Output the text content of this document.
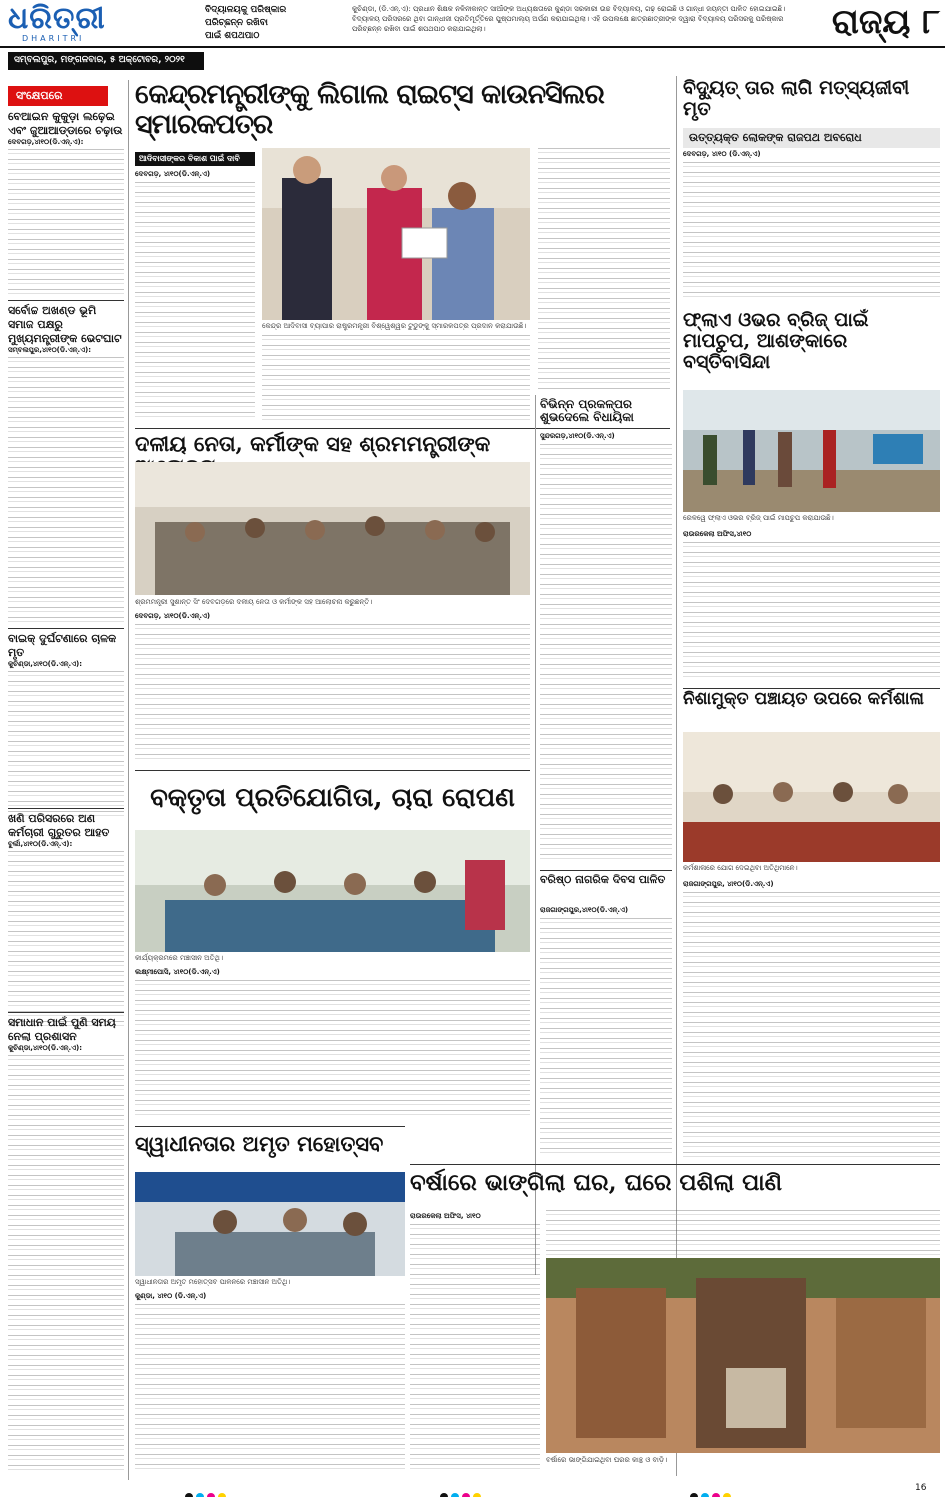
ଧରିତ୍ରୀ
DHARITRI
ବିଦ୍ୟାଳୟକୁ ପରିଷ୍କାର
ପରିଚ୍ଛନ୍ନ ରଖିବା
ପାଇଁ ଶପଥପାଠ
କୁଚିଣ୍ଡା, (ଡି.ଏନ୍.ଏ): ପ୍ରଧାନ ଶିକ୍ଷକ ନଳିନୀକାନ୍ତ ସାଆଁଙ୍କ ଅଧ୍ୟକ୍ଷତାରେ କୁଣ୍ଡା ସରକାରୀ ଉଚ୍ଚ ବିଦ୍ୟାଳୟ, ଗଢ଼ ରୋଇଛି ଓ ଗାନ୍ଧୀ ଜୟନ୍ତୀ ପାଳିତ ହୋଇଯାଇଛି। ବିଦ୍ୟାଳୟ ପରିସରରେ ଥିବା ଗାନ୍ଧୀଜୀ ପ୍ରତିମୂର୍ତ୍ତିରେ ପୁଷ୍ପମାଲ୍ୟ ଅର୍ପଣ କରାଯାଇଥିଲା। ଏହି ଉପଲକ୍ଷେ ଛାତ୍ରଛାତ୍ରୀଙ୍କ ଦ୍ୱାରା ବିଦ୍ୟାଳୟ ପରିସରକୁ ପରିଷ୍କାର ପରିଚ୍ଛନ୍ନ ରଖିବା ପାଇଁ ଶପଥପାଠ କରାଯାଇଥିଲା।	ରାଜ୍ୟ ୮
ସମ୍ବଲପୁର, ମଙ୍ଗଳବାର, ୫ ଅକ୍ଟୋବର, ୨୦୨୧
ସଂକ୍ଷେପରେ
ବେଆଇନ କୁକୁଡ଼ା ଲଢ଼େଇ ଏବଂ ଜୁଆଆଡ୍ଡାରେ ଚଢ଼ାଉ
ଦେବଗଡ଼,୪ା୧୦(ଡି.ଏନ୍.ଏ):
ସର୍ବୋଚ୍ଚ ଅଖଣ୍ଡ ଭୂମି ସମାଜ ପକ୍ଷରୁ ମୁଖ୍ୟମନ୍ତ୍ରୀଙ୍କ ଭେଟଘାଟ
ସମ୍ବଲପୁର,୪ା୧୦(ଡି.ଏନ୍.ଏ):
ବାଇକ୍ ଦୁର୍ଘଟଣାରେ ଚାଳକ ମୃତ
କୁଚିଣ୍ଡା,୪ା୧୦(ଡି.ଏନ୍.ଏ):
ଖଣି ପରିସରରେ ଅଣ କର୍ମଚାରୀ ଗୁରୁତର ଆହତ
ବୁର୍ଲା,୪ା୧୦(ଡି.ଏନ୍.ଏ):
ସମାଧାନ ପାଇଁ ପୁଣି ସମୟ ନେଲା ପ୍ରଶାସନ
କୁଚିଣ୍ଡା,୪ା୧୦(ଡି.ଏନ୍.ଏ):
କେନ୍ଦ୍ରମନ୍ତ୍ରୀଙ୍କୁ ଲିଗାଲ ରାଇଟ୍ସ କାଉନସିଲର ସ୍ମାରକପତ୍ର
ଆଦିବାସୀଙ୍କର ବିକାଶ ପାଇଁ ଦାବି
ଦେବଗଡ଼, ୪ା୧୦(ଡି.ଏନ୍.ଏ)
କେନ୍ଦ୍ର ଆଦିବାସୀ ବ୍ୟାପାର ରାଷ୍ଟ୍ରମନ୍ତ୍ରୀ ବିଶ୍ୱେଶ୍ୱର ଟୁଡୁଙ୍କୁ ସ୍ମାରକପତ୍ର ପ୍ରଦାନ କରାଯାଉଛି।
ବିଦ୍ୟୁତ୍ ତାର ଲାଗି ମତ୍ସ୍ୟଜୀବୀ ମୃତ
ଉତ୍ତ୍ୟକ୍ତ ଲୋକଙ୍କ ରାଜପଥ ଅବରୋଧ
ଦେବଗଡ଼, ୪ା୧୦ (ଡି.ଏନ୍.ଏ)
ଫ୍ଲାଏ ଓଭର ବ୍ରିଜ୍ ପାଇଁ ମାପଚୁପ, ଆଶଙ୍କାରେ ବସ୍ତିବାସିନ୍ଦା
ରେଳୱେ ଫ୍ଲାଏ ଓଭର ବ୍ରିଜ୍ ପାଇଁ ମାପଚୁପ କରାଯାଉଛି।
ରାଉରକେଲା ଅଫିସ,୪ା୧୦
ଦଳୀୟ ନେତା, କର୍ମୀଙ୍କ ସହ ଶ୍ରମମନ୍ତ୍ରୀଙ୍କ
ଶ୍ରମମନ୍ତ୍ରୀ ସୁଶାନ୍ତ ସିଂ ଦେବଗଡ଼ରେ ଦଳୀୟ ନେତା ଓ କର୍ମୀଙ୍କ ସହ ଆଲୋଚନା କରୁଛନ୍ତି।
ଦେବଗଡ଼, ୪ା୧୦(ଡି.ଏନ୍.ଏ)
ବିଭିନ୍ନ ପ୍ରକଳ୍ପର ଶୁଭଦେଲେ ବିଧାୟିକା
ସୁନ୍ଦରଗଡ଼,୪ା୧୦(ଡି.ଏନ୍.ଏ)
ନିଶାମୁକ୍ତ ପଞ୍ଚାୟତ ଉପରେ କର୍ମଶାଳା
କର୍ମଶାଳାରେ ଯୋଗ ଦେଇଥିବା ଅତିଥିମାନେ।
ରାଜଗାଙ୍ଗପୁର, ୪ା୧୦(ଡି.ଏନ୍.ଏ)
ବକ୍ତୃତା ପ୍ରତିଯୋଗିତା, ଚାରା ରୋପଣ
କାର୍ଯ୍ୟକ୍ରମରେ ମଞ୍ଚାସୀନ ଅତିଥି।
ଲକ୍ଷ୍ମୀପୋସି, ୪ା୧୦(ଡି.ଏନ୍.ଏ)
ବରିଷ୍ଠ ନାଗରିକ ଦିବସ ପାଳିତ
ରାଜଗାଙ୍ଗପୁର,୪ା୧୦(ଡି.ଏନ୍.ଏ)
ସ୍ୱାଧୀନତାର ଅମୃତ ମହୋତ୍ସବ
ସ୍ୱାଧୀନତାର ଅମୃତ ମହୋତ୍ସବ ପାଳନରେ ମଞ୍ଚାସୀନ ଅତିଥି।
କୁଣ୍ଡା, ୪ା୧୦ (ଡି.ଏନ୍.ଏ)
ବର୍ଷାରେ ଭାଙ୍ଗିଲା ଘର, ଘରେ ପଶିଲା ପାଣି
ରାଉରକେଲା ଅଫିସ, ୪ା୧୦
ବର୍ଷାରେ ଭାଙ୍ଗିଯାଇଥିବା ଘରର କାନ୍ଥ ଓ ବାଡ଼ି।
16
